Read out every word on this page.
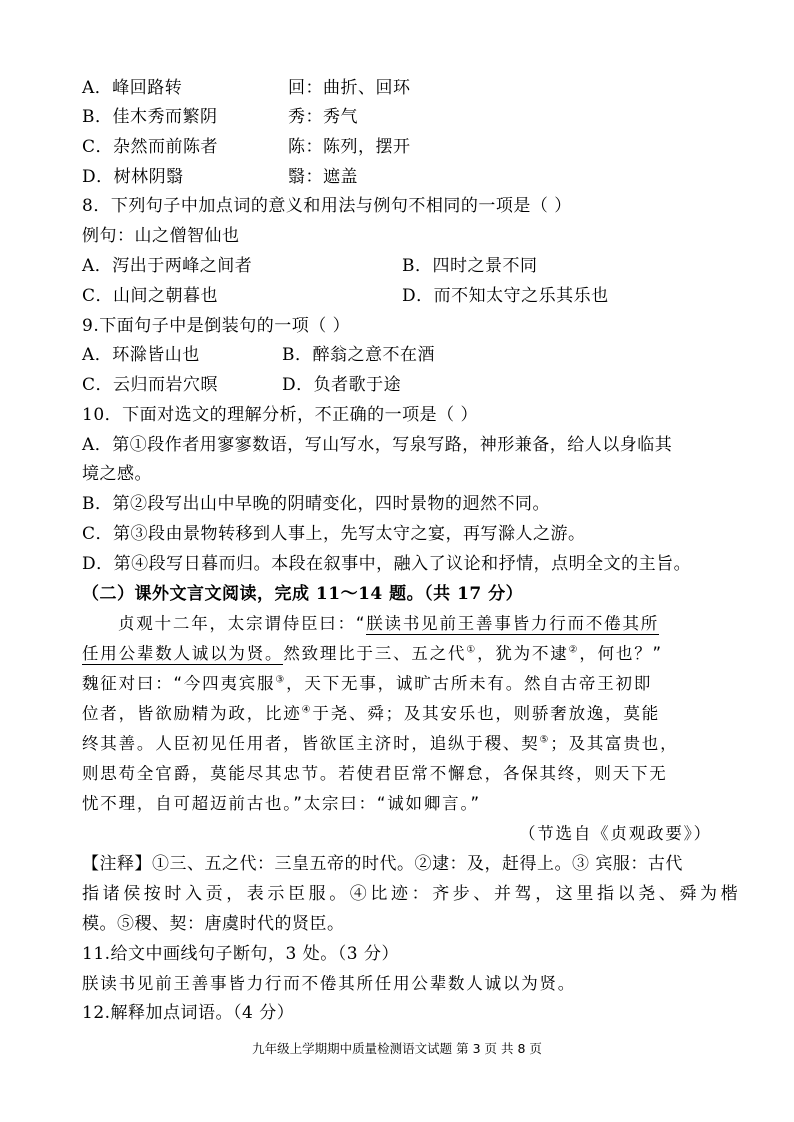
A．峰回路转	回：曲折、回环
B．佳木秀而繁阴	秀：秀气
C．杂然而前陈者	陈：陈列，摆开
D．树林阴翳	翳：遮盖
8．下列句子中加点词的意义和用法与例句不相同的一项是（ ）
例句：山之僧智仙也
A．泻出于两峰之间者	B．四时之景不同
C．山间之朝暮也	D．而不知太守之乐其乐也
9.下面句子中是倒装句的一项（ ）
A．环滁皆山也	B．醉翁之意不在酒
C．云归而岩穴暝	D．负者歌于途
10．下面对选文的理解分析，不正确的一项是（ ）
A．第①段作者用寥寥数语，写山写水，写泉写路，神形兼备，给人以身临其
境之感。
B．第②段写出山中早晚的阴晴变化，四时景物的迥然不同。
C．第③段由景物转移到人事上，先写太守之宴，再写滁人之游。
D．第④段写日暮而归。本段在叙事中，融入了议论和抒情，点明全文的主旨。
（二）课外文言文阅读，完成 11～14 题。（共 17 分）
贞观十二年，太宗谓侍臣曰：“朕读书见前王善事皆力行而不倦其所
任用公辈数人诚以为贤。然致理比于三、五之代①，犹为不逮②，何也？”
魏征对曰：“今四夷宾服③，天下无事，诚旷古所未有。然自古帝王初即
位者，皆欲励精为政，比迹④于尧、舜；及其安乐也，则骄奢放逸，莫能
终其善。人臣初见任用者，皆欲匡主济时，追纵于稷、契⑤；及其富贵也，
则思苟全官爵，莫能尽其忠节。若使君臣常不懈怠，各保其终，则天下无
忧不理，自可超迈前古也。”太宗曰：“诚如卿言。”
（节选自《贞观政要》）
【注释】①三、五之代：三皇五帝的时代。②逮：及，赶得上。③ 宾服：古代
指诸侯按时入贡，表示臣服。④比迹：齐步、并驾，这里指以尧、舜为楷
模。⑤稷、契：唐虞时代的贤臣。
11.给文中画线句子断句，3 处。（3 分）
朕读书见前王善事皆力行而不倦其所任用公辈数人诚以为贤。
12.解释加点词语。（4 分）
九年级上学期期中质量检测语文试题 第 3 页 共 8 页
